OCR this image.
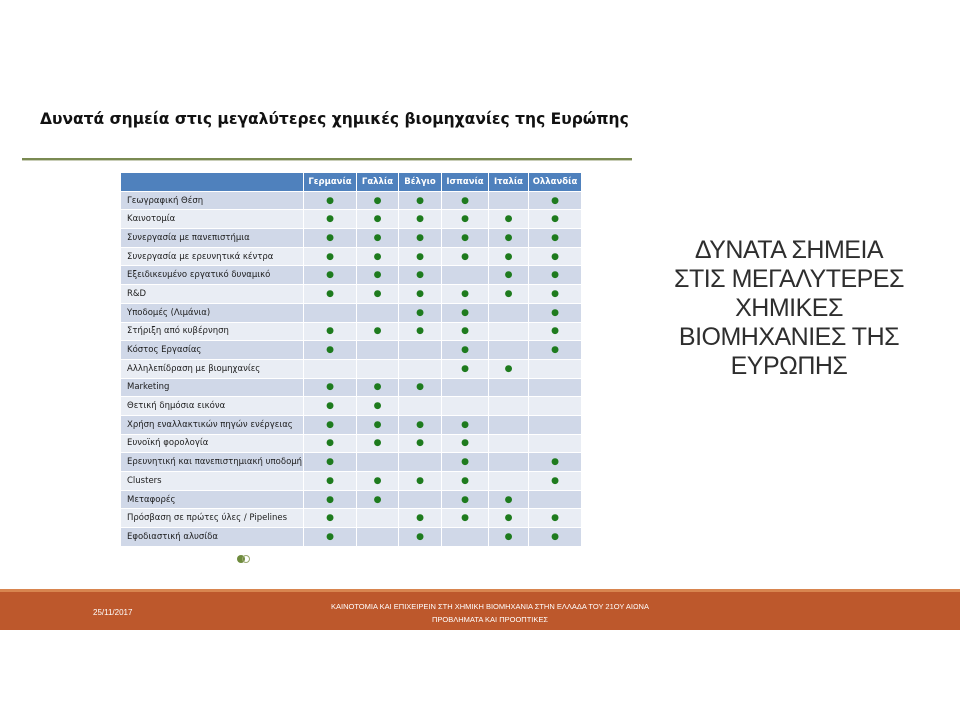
Δυνατά σημεία στις μεγαλύτερες χημικές βιομηχανίες της Ευρώπης
	Γερμανία	Γαλλία	Βέλγιο	Ισπανία	Ιταλία	Ολλανδία
Γεωγραφική Θέση	●	●	●	●		●
Καινοτομία	●	●	●	●	●	●
Συνεργασία με πανεπιστήμια	●	●	●	●	●	●
Συνεργασία με ερευνητικά κέντρα	●	●	●	●	●	●
Εξειδικευμένο εργατικό δυναμικό	●	●	●		●	●
R&D	●	●	●	●	●	●
Υποδομές (Λιμάνια)			●	●		●
Στήριξη από κυβέρνηση	●	●	●	●		●
Κόστος Εργασίας	●			●		●
Αλληλεπίδραση με βιομηχανίες				●	●	
Marketing	●	●	●			
Θετική δημόσια εικόνα	●	●				
Χρήση εναλλακτικών πηγών ενέργειας	●	●	●	●		
Ευνοϊκή φορολογία	●	●	●	●		
Ερευνητική και πανεπιστημιακή υποδομή	●			●		●
Clusters	●	●	●	●		●
Μεταφορές	●	●		●	●	
Πρόσβαση σε πρώτες ύλες / Pipelines	●		●	●	●	●
Εφοδιαστική αλυσίδα	●		●		●	●
ΔΥΝΑΤΑ ΣΗΜΕΙΑ
ΣΤΙΣ ΜΕΓΑΛΥΤΕΡΕΣ
ΧΗΜΙΚΕΣ
ΒΙΟΜΗΧΑΝΙΕΣ ΤΗΣ
ΕΥΡΩΠΗΣ
25/11/2017
ΚΑΙΝΟΤΟΜΙΑ ΚΑΙ ΕΠΙΧΕΙΡΕΙΝ ΣΤΗ ΧΗΜΙΚΗ ΒΙΟΜΗΧΑΝΙΑ ΣΤΗΝ ΕΛΛΑΔΑ ΤΟΥ 21ΟΥ ΑΙΩΝΑ
ΠΡΟΒΛΗΜΑΤΑ ΚΑΙ ΠΡΟΟΠΤΙΚΕΣ
